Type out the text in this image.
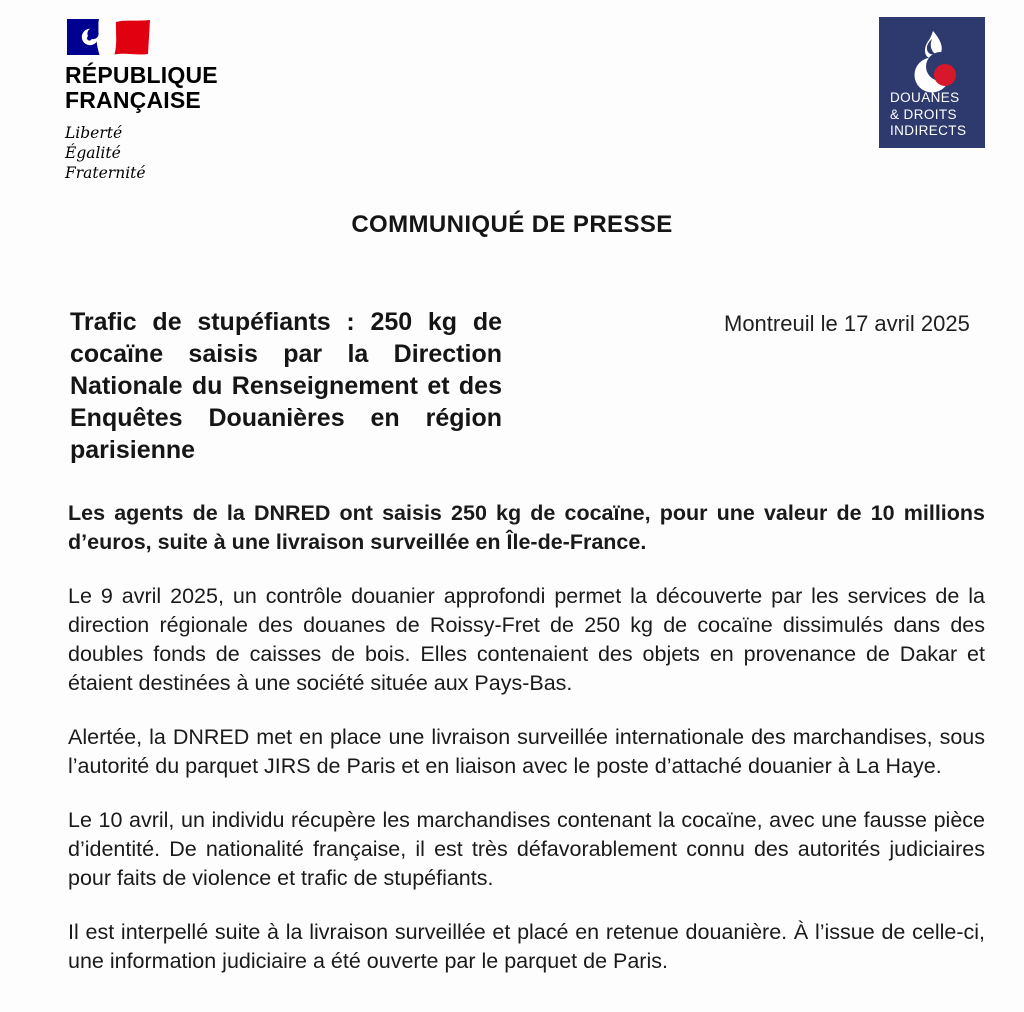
RÉPUBLIQUE
FRANÇAISE
Liberté
Égalité
Fraternité
DOUANES
& DROITS
INDIRECTS
COMMUNIQUÉ DE PRESSE
Trafic de stupéfiants : 250 kg de cocaïne saisis par la Direction Nationale du Renseignement et des Enquêtes Douanières en région parisienne
Montreuil le 17 avril 2025

Les agents de la DNRED ont saisis 250 kg de cocaïne, pour une valeur de 10 millions d’euros, suite à une livraison surveillée en Île-de-France.

Le 9 avril 2025, un contrôle douanier approfondi permet la découverte par les services de la direction régionale des douanes de Roissy-Fret de 250 kg de cocaïne dissimulés dans des doubles fonds de caisses de bois. Elles contenaient des objets en provenance de Dakar et étaient destinées à une société située aux Pays-Bas.

Alertée, la DNRED met en place une livraison surveillée internationale des marchandises, sous l’autorité du parquet JIRS de Paris et en liaison avec le poste d’attaché douanier à La Haye.

Le 10 avril, un individu récupère les marchandises contenant la cocaïne, avec une fausse pièce d’identité. De nationalité française, il est très défavorablement connu des autorités judiciaires pour faits de violence et trafic de stupéfiants.

Il est interpellé suite à la livraison surveillée et placé en retenue douanière. À l’issue de celle-ci, une information judiciaire a été ouverte par le parquet de Paris.
